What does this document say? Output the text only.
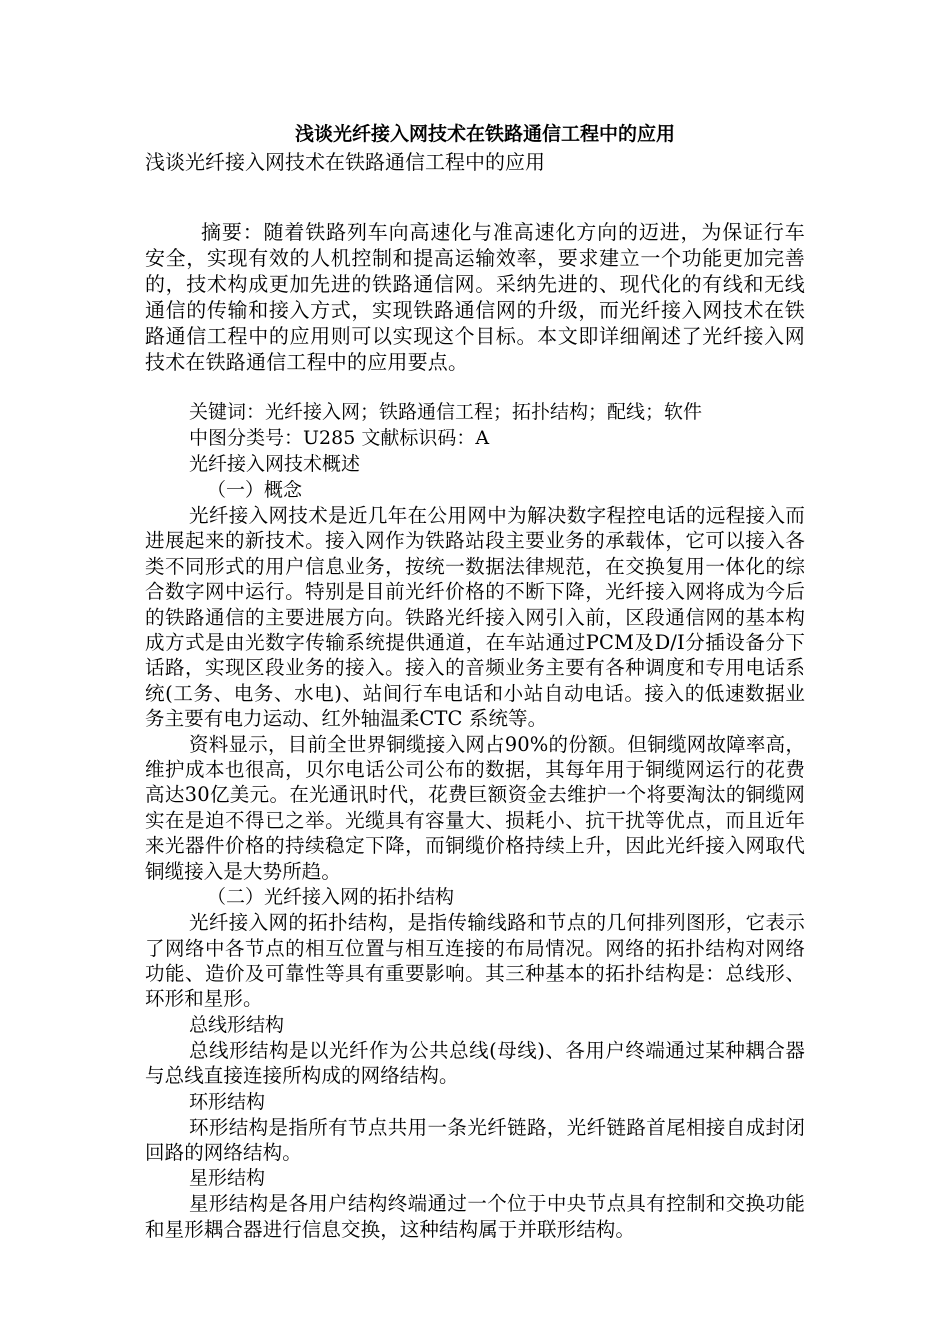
浅谈光纤接入网技术在铁路通信工程中的应用

浅谈光纤接入网技术在铁路通信工程中的应用

摘要：随着铁路列车向高速化与准高速化方向的迈进，为保证行车安全，实现有效的人机控制和提高运输效率，要求建立一个功能更加完善的，技术构成更加先进的铁路通信网。采纳先进的、现代化的有线和无线通信的传输和接入方式，实现铁路通信网的升级，而光纤接入网技术在铁路通信工程中的应用则可以实现这个目标。本文即详细阐述了光纤接入网技术在铁路通信工程中的应用要点。

关键词：光纤接入网；铁路通信工程；拓扑结构；配线；软件

中图分类号：U285 文献标识码：A

光纤接入网技术概述

（一）概念

光纤接入网技术是近几年在公用网中为解决数字程控电话的远程接入而进展起来的新技术。接入网作为铁路站段主要业务的承载体，它可以接入各类不同形式的用户信息业务，按统一数据法律规范，在交换复用一体化的综合数字网中运行。特别是目前光纤价格的不断下降，光纤接入网将成为今后的铁路通信的主要进展方向。铁路光纤接入网引入前，区段通信网的基本构成方式是由光数字传输系统提供通道，在车站通过PCM及D/I分插设备分下话路，实现区段业务的接入。接入的音频业务主要有各种调度和专用电话系统(工务、电务、水电)、站间行车电话和小站自动电话。接入的低速数据业务主要有电力运动、红外轴温柔CTC 系统等。

资料显示，目前全世界铜缆接入网占90%的份额。但铜缆网故障率高，维护成本也很高，贝尔电话公司公布的数据，其每年用于铜缆网运行的花费高达30亿美元。在光通讯时代，花费巨额资金去维护一个将要淘汰的铜缆网实在是迫不得已之举。光缆具有容量大、损耗小、抗干扰等优点，而且近年来光器件价格的持续稳定下降，而铜缆价格持续上升，因此光纤接入网取代铜缆接入是大势所趋。

（二）光纤接入网的拓扑结构

光纤接入网的拓扑结构，是指传输线路和节点的几何排列图形，它表示了网络中各节点的相互位置与相互连接的布局情况。网络的拓扑结构对网络功能、造价及可靠性等具有重要影响。其三种基本的拓扑结构是：总线形、环形和星形。

总线形结构

总线形结构是以光纤作为公共总线(母线)、各用户终端通过某种耦合器与总线直接连接所构成的网络结构。

环形结构

环形结构是指所有节点共用一条光纤链路，光纤链路首尾相接自成封闭回路的网络结构。

星形结构

星形结构是各用户结构终端通过一个位于中央节点具有控制和交换功能和星形耦合器进行信息交换，这种结构属于并联形结构。
